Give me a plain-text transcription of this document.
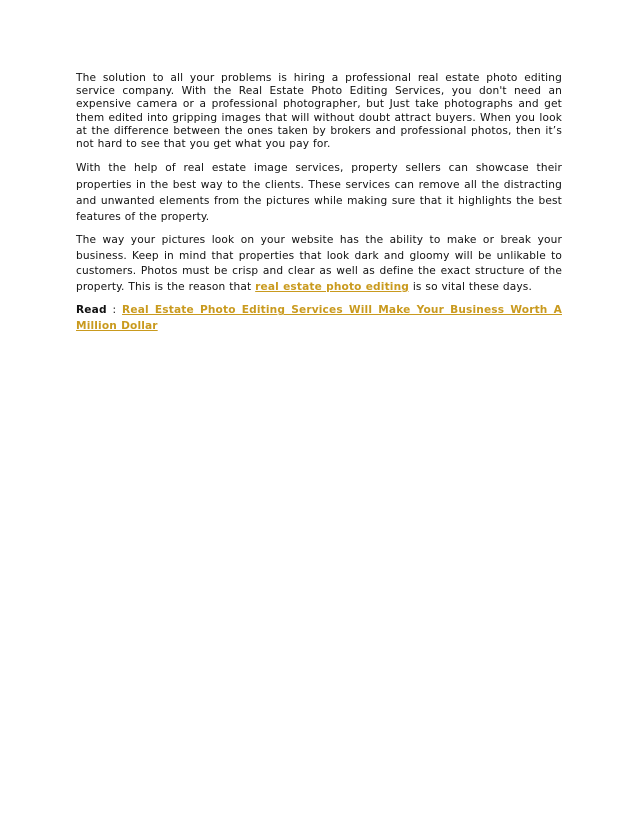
The solution to all your problems is hiring a professional real estate photo editing service company. With the Real Estate Photo Editing Services, you don't need an expensive camera or a professional photographer, but Just take photographs and get them edited into gripping images that will without doubt attract buyers. When you look at the difference between the ones taken by brokers and professional photos, then it’s not hard to see that you get what you pay for.

With the help of real estate image services, property sellers can showcase their properties in the best way to the clients. These services can remove all the distracting and unwanted elements from the pictures while making sure that it highlights the best features of the property.

The way your pictures look on your website has the ability to make or break your business. Keep in mind that properties that look dark and gloomy will be unlikable to customers. Photos must be crisp and clear as well as define the exact structure of the property. This is the reason that real estate photo editing is so vital these days.

Read : Real Estate Photo Editing Services Will Make Your Business Worth A Million Dollar
